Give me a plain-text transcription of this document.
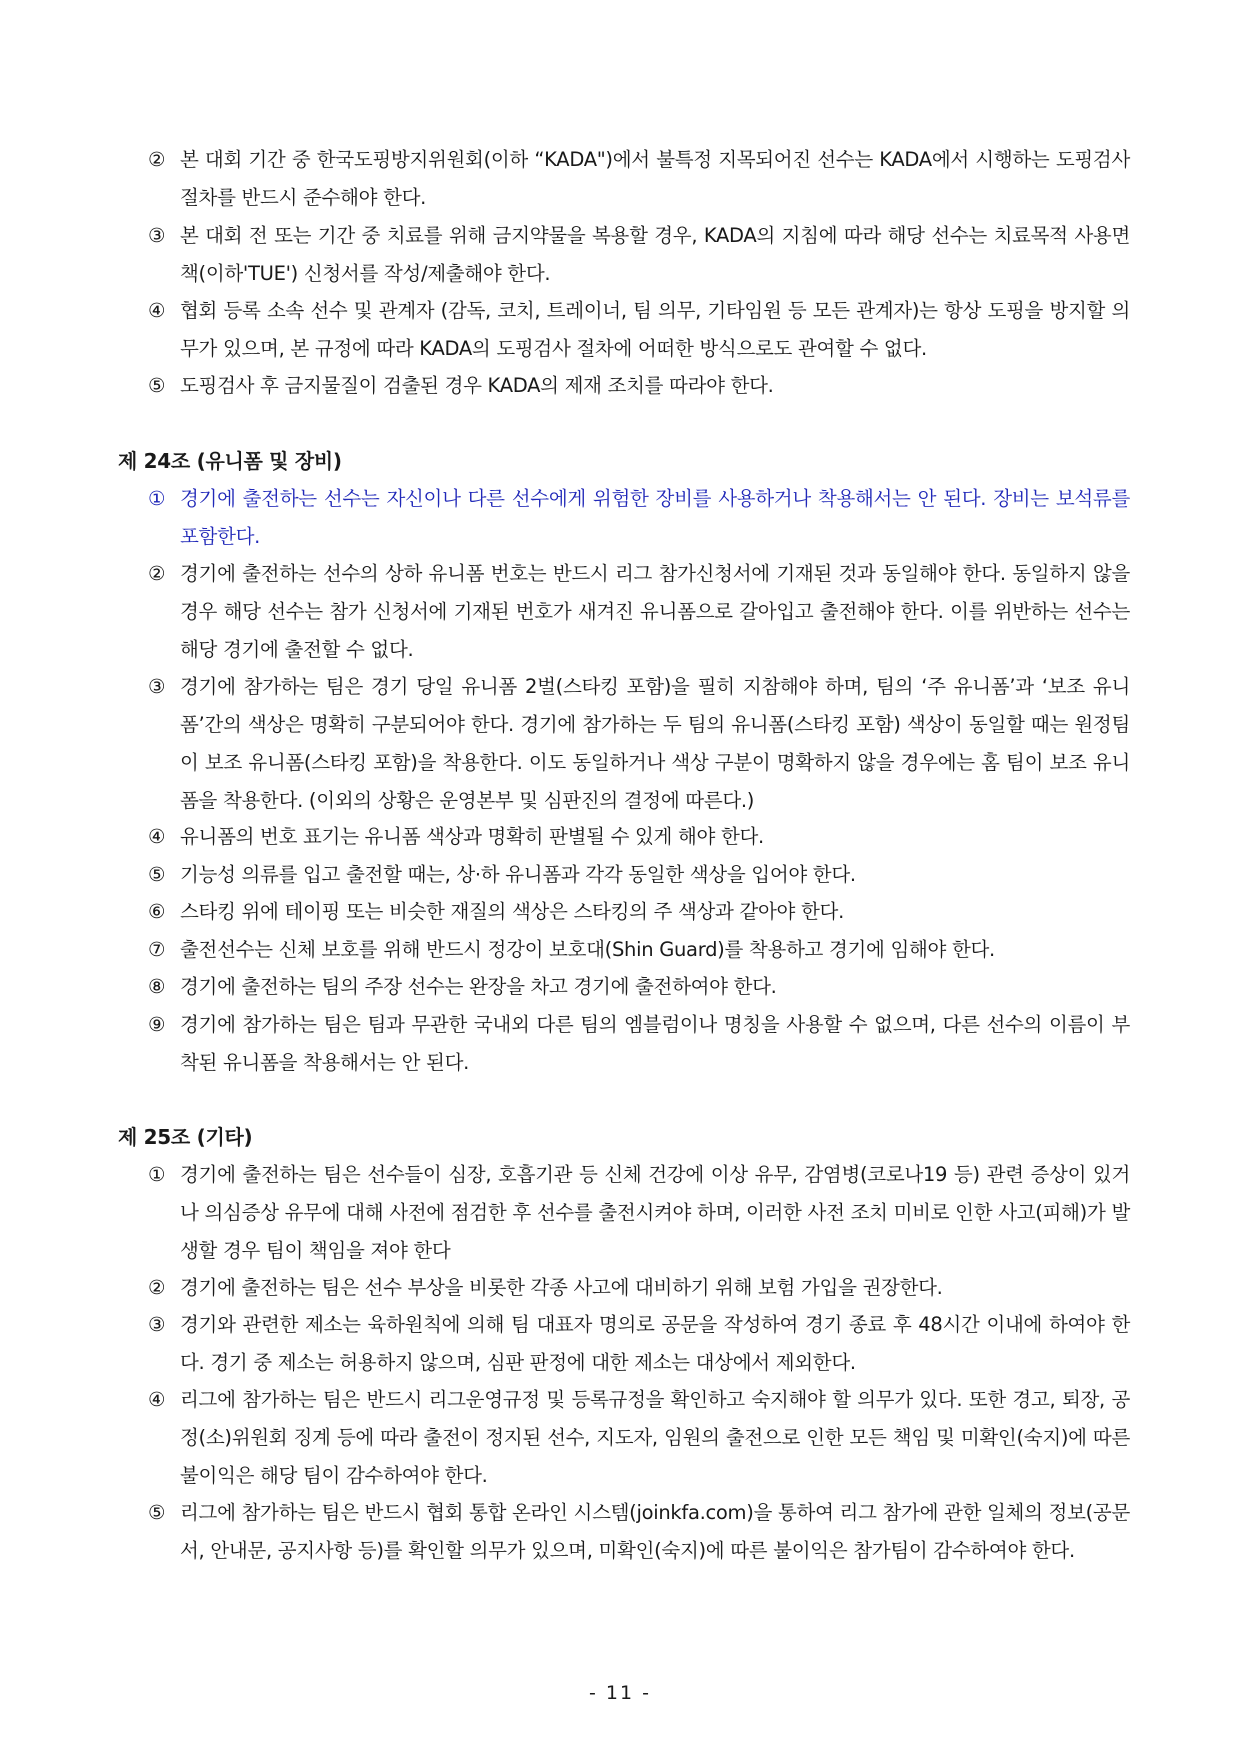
② 본 대회 기간 중 한국도핑방지위원회(이하 “KADA")에서 불특정 지목되어진 선수는 KADA에서 시행하는 도핑검사 절차를 반드시 준수해야 한다.
③ 본 대회 전 또는 기간 중 치료를 위해 금지약물을 복용할 경우, KADA의 지침에 따라 해당 선수는 치료목적 사용면책(이하'TUE') 신청서를 작성/제출해야 한다.
④ 협회 등록 소속 선수 및 관계자 (감독, 코치, 트레이너, 팀 의무, 기타임원 등 모든 관계자)는 항상 도핑을 방지할 의무가 있으며, 본 규정에 따라 KADA의 도핑검사 절차에 어떠한 방식으로도 관여할 수 없다.
⑤ 도핑검사 후 금지물질이 검출된 경우 KADA의 제재 조치를 따라야 한다.
제 24조 (유니폼 및 장비)
① 경기에 출전하는 선수는 자신이나 다른 선수에게 위험한 장비를 사용하거나 착용해서는 안 된다. 장비는 보석류를 포함한다.
② 경기에 출전하는 선수의 상하 유니폼 번호는 반드시 리그 참가신청서에 기재된 것과 동일해야 한다. 동일하지 않을 경우 해당 선수는 참가 신청서에 기재된 번호가 새겨진 유니폼으로 갈아입고 출전해야 한다. 이를 위반하는 선수는 해당 경기에 출전할 수 없다.
③ 경기에 참가하는 팀은 경기 당일 유니폼 2벌(스타킹 포함)을 필히 지참해야 하며, 팀의 ‘주 유니폼’과 ‘보조 유니폼’간의 색상은 명확히 구분되어야 한다. 경기에 참가하는 두 팀의 유니폼(스타킹 포함) 색상이 동일할 때는 원정팀이 보조 유니폼(스타킹 포함)을 착용한다. 이도 동일하거나 색상 구분이 명확하지 않을 경우에는 홈 팀이 보조 유니폼을 착용한다. (이외의 상황은 운영본부 및 심판진의 결정에 따른다.)
④ 유니폼의 번호 표기는 유니폼 색상과 명확히 판별될 수 있게 해야 한다.
⑤ 기능성 의류를 입고 출전할 때는, 상·하 유니폼과 각각 동일한 색상을 입어야 한다.
⑥ 스타킹 위에 테이핑 또는 비슷한 재질의 색상은 스타킹의 주 색상과 같아야 한다.
⑦ 출전선수는 신체 보호를 위해 반드시 정강이 보호대(Shin Guard)를 착용하고 경기에 임해야 한다.
⑧ 경기에 출전하는 팀의 주장 선수는 완장을 차고 경기에 출전하여야 한다.
⑨ 경기에 참가하는 팀은 팀과 무관한 국내외 다른 팀의 엠블럼이나 명칭을 사용할 수 없으며, 다른 선수의 이름이 부착된 유니폼을 착용해서는 안 된다.
제 25조 (기타)
① 경기에 출전하는 팀은 선수들이 심장, 호흡기관 등 신체 건강에 이상 유무, 감염병(코로나19 등) 관련 증상이 있거나 의심증상 유무에 대해 사전에 점검한 후 선수를 출전시켜야 하며, 이러한 사전 조치 미비로 인한 사고(피해)가 발생할 경우 팀이 책임을 져야 한다
② 경기에 출전하는 팀은 선수 부상을 비롯한 각종 사고에 대비하기 위해 보험 가입을 권장한다.
③ 경기와 관련한 제소는 육하원칙에 의해 팀 대표자 명의로 공문을 작성하여 경기 종료 후 48시간 이내에 하여야 한다. 경기 중 제소는 허용하지 않으며, 심판 판정에 대한 제소는 대상에서 제외한다.
④ 리그에 참가하는 팀은 반드시 리그운영규정 및 등록규정을 확인하고 숙지해야 할 의무가 있다. 또한 경고, 퇴장, 공정(소)위원회 징계 등에 따라 출전이 정지된 선수, 지도자, 임원의 출전으로 인한 모든 책임 및 미확인(숙지)에 따른 불이익은 해당 팀이 감수하여야 한다.
⑤ 리그에 참가하는 팀은 반드시 협회 통합 온라인 시스템(joinkfa.com)을 통하여 리그 참가에 관한 일체의 정보(공문서, 안내문, 공지사항 등)를 확인할 의무가 있으며, 미확인(숙지)에 따른 불이익은 참가팀이 감수하여야 한다.
- 11 -
